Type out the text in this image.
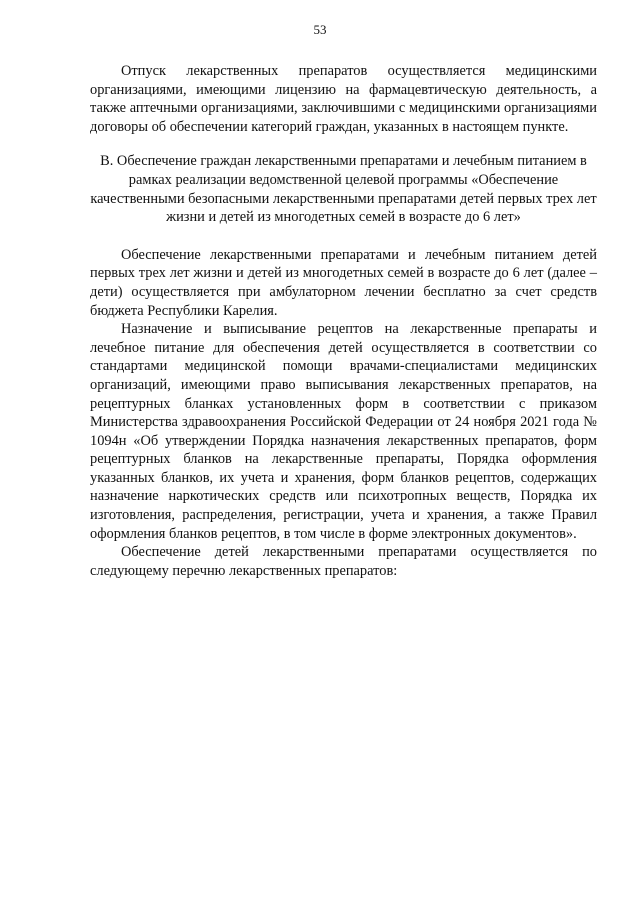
53

Отпуск лекарственных препаратов осуществляется медицинскими организациями, имеющими лицензию на фармацевтическую деятельность, а также аптечными организациями, заключившими с медицинскими организациями договоры об обеспечении категорий граждан, указанных в настоящем пункте.

В. Обеспечение граждан лекарственными препаратами и лечебным питанием в рамках реализации ведомственной целевой программы «Обеспечение качественными безопасными лекарственными препаратами детей первых трех лет жизни и детей из многодетных семей в возрасте до 6 лет»

Обеспечение лекарственными препаратами и лечебным питанием детей первых трех лет жизни и детей из многодетных семей в возрасте до 6 лет (далее – дети) осуществляется при амбулаторном лечении бесплатно за счет средств бюджета Республики Карелия.

Назначение и выписывание рецептов на лекарственные препараты и лечебное питание для обеспечения детей осуществляется в соответствии со стандартами медицинской помощи врачами-специалистами медицинских организаций, имеющими право выписывания лекарственных препаратов, на рецептурных бланках установленных форм в соответствии с приказом Министерства здравоохранения Российской Федерации от 24 ноября 2021 года № 1094н «Об утверждении Порядка назначения лекарственных препаратов, форм рецептурных бланков на лекарственные препараты, Порядка оформления указанных бланков, их учета и хранения, форм бланков рецептов, содержащих назначение наркотических средств или психотропных веществ, Порядка их изготовления, распределения, регистрации, учета и хранения, а также Правил оформления бланков рецептов, в том числе в форме электронных документов».

Обеспечение детей лекарственными препаратами осуществляется по следующему перечню лекарственных препаратов:
